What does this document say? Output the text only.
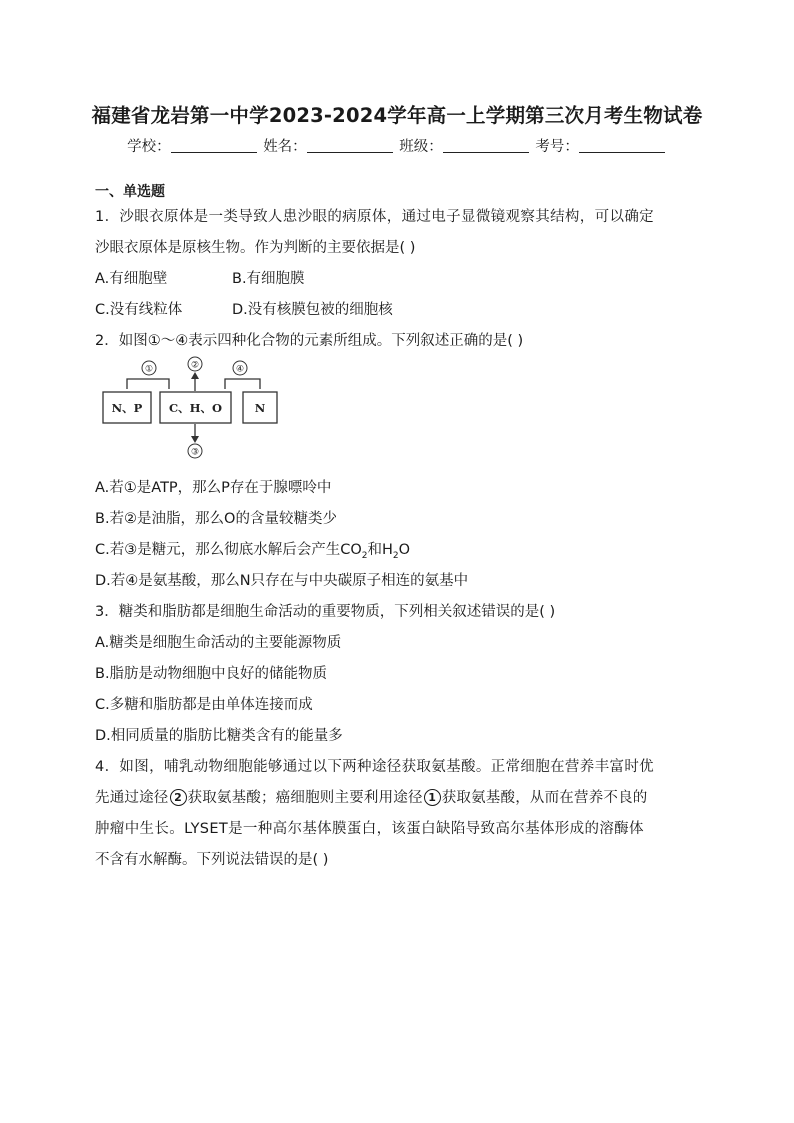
福建省龙岩第一中学2023-2024学年高一上学期第三次月考生物试卷
学校：	姓名：	班级：	考号：
一、单选题
1．沙眼衣原体是一类导致人患沙眼的病原体，通过电子显微镜观察其结构，可以确定
沙眼衣原体是原核生物。作为判断的主要依据是( )
A.有细胞壁	B.有细胞膜
C.没有线粒体	D.没有核膜包被的细胞核
2．如图①～④表示四种化合物的元素所组成。下列叙述正确的是( )
①	②	④
③
N、P C、H、O	N
A.若①是ATP，那么P存在于腺嘌呤中
B.若②是油脂，那么O的含量较糖类少
C.若③是糖元，那么彻底水解后会产生$CO_2$和$H_2O$
D.若④是氨基酸，那么N只存在与中央碳原子相连的氨基中
3．糖类和脂肪都是细胞生命活动的重要物质，下列相关叙述错误的是( )
A.糖类是细胞生命活动的主要能源物质
B.脂肪是动物细胞中良好的储能物质
C.多糖和脂肪都是由单体连接而成
D.相同质量的脂肪比糖类含有的能量多
4．如图，哺乳动物细胞能够通过以下两种途径获取氨基酸。正常细胞在营养丰富时优
先通过途径 2 获取氨基酸；癌细胞则主要利用途径 1 获取氨基酸，从而在营养不良的
肿瘤中生长。LYSET是一种高尔基体膜蛋白，该蛋白缺陷导致高尔基体形成的溶酶体
不含有水解酶。下列说法错误的是( )
